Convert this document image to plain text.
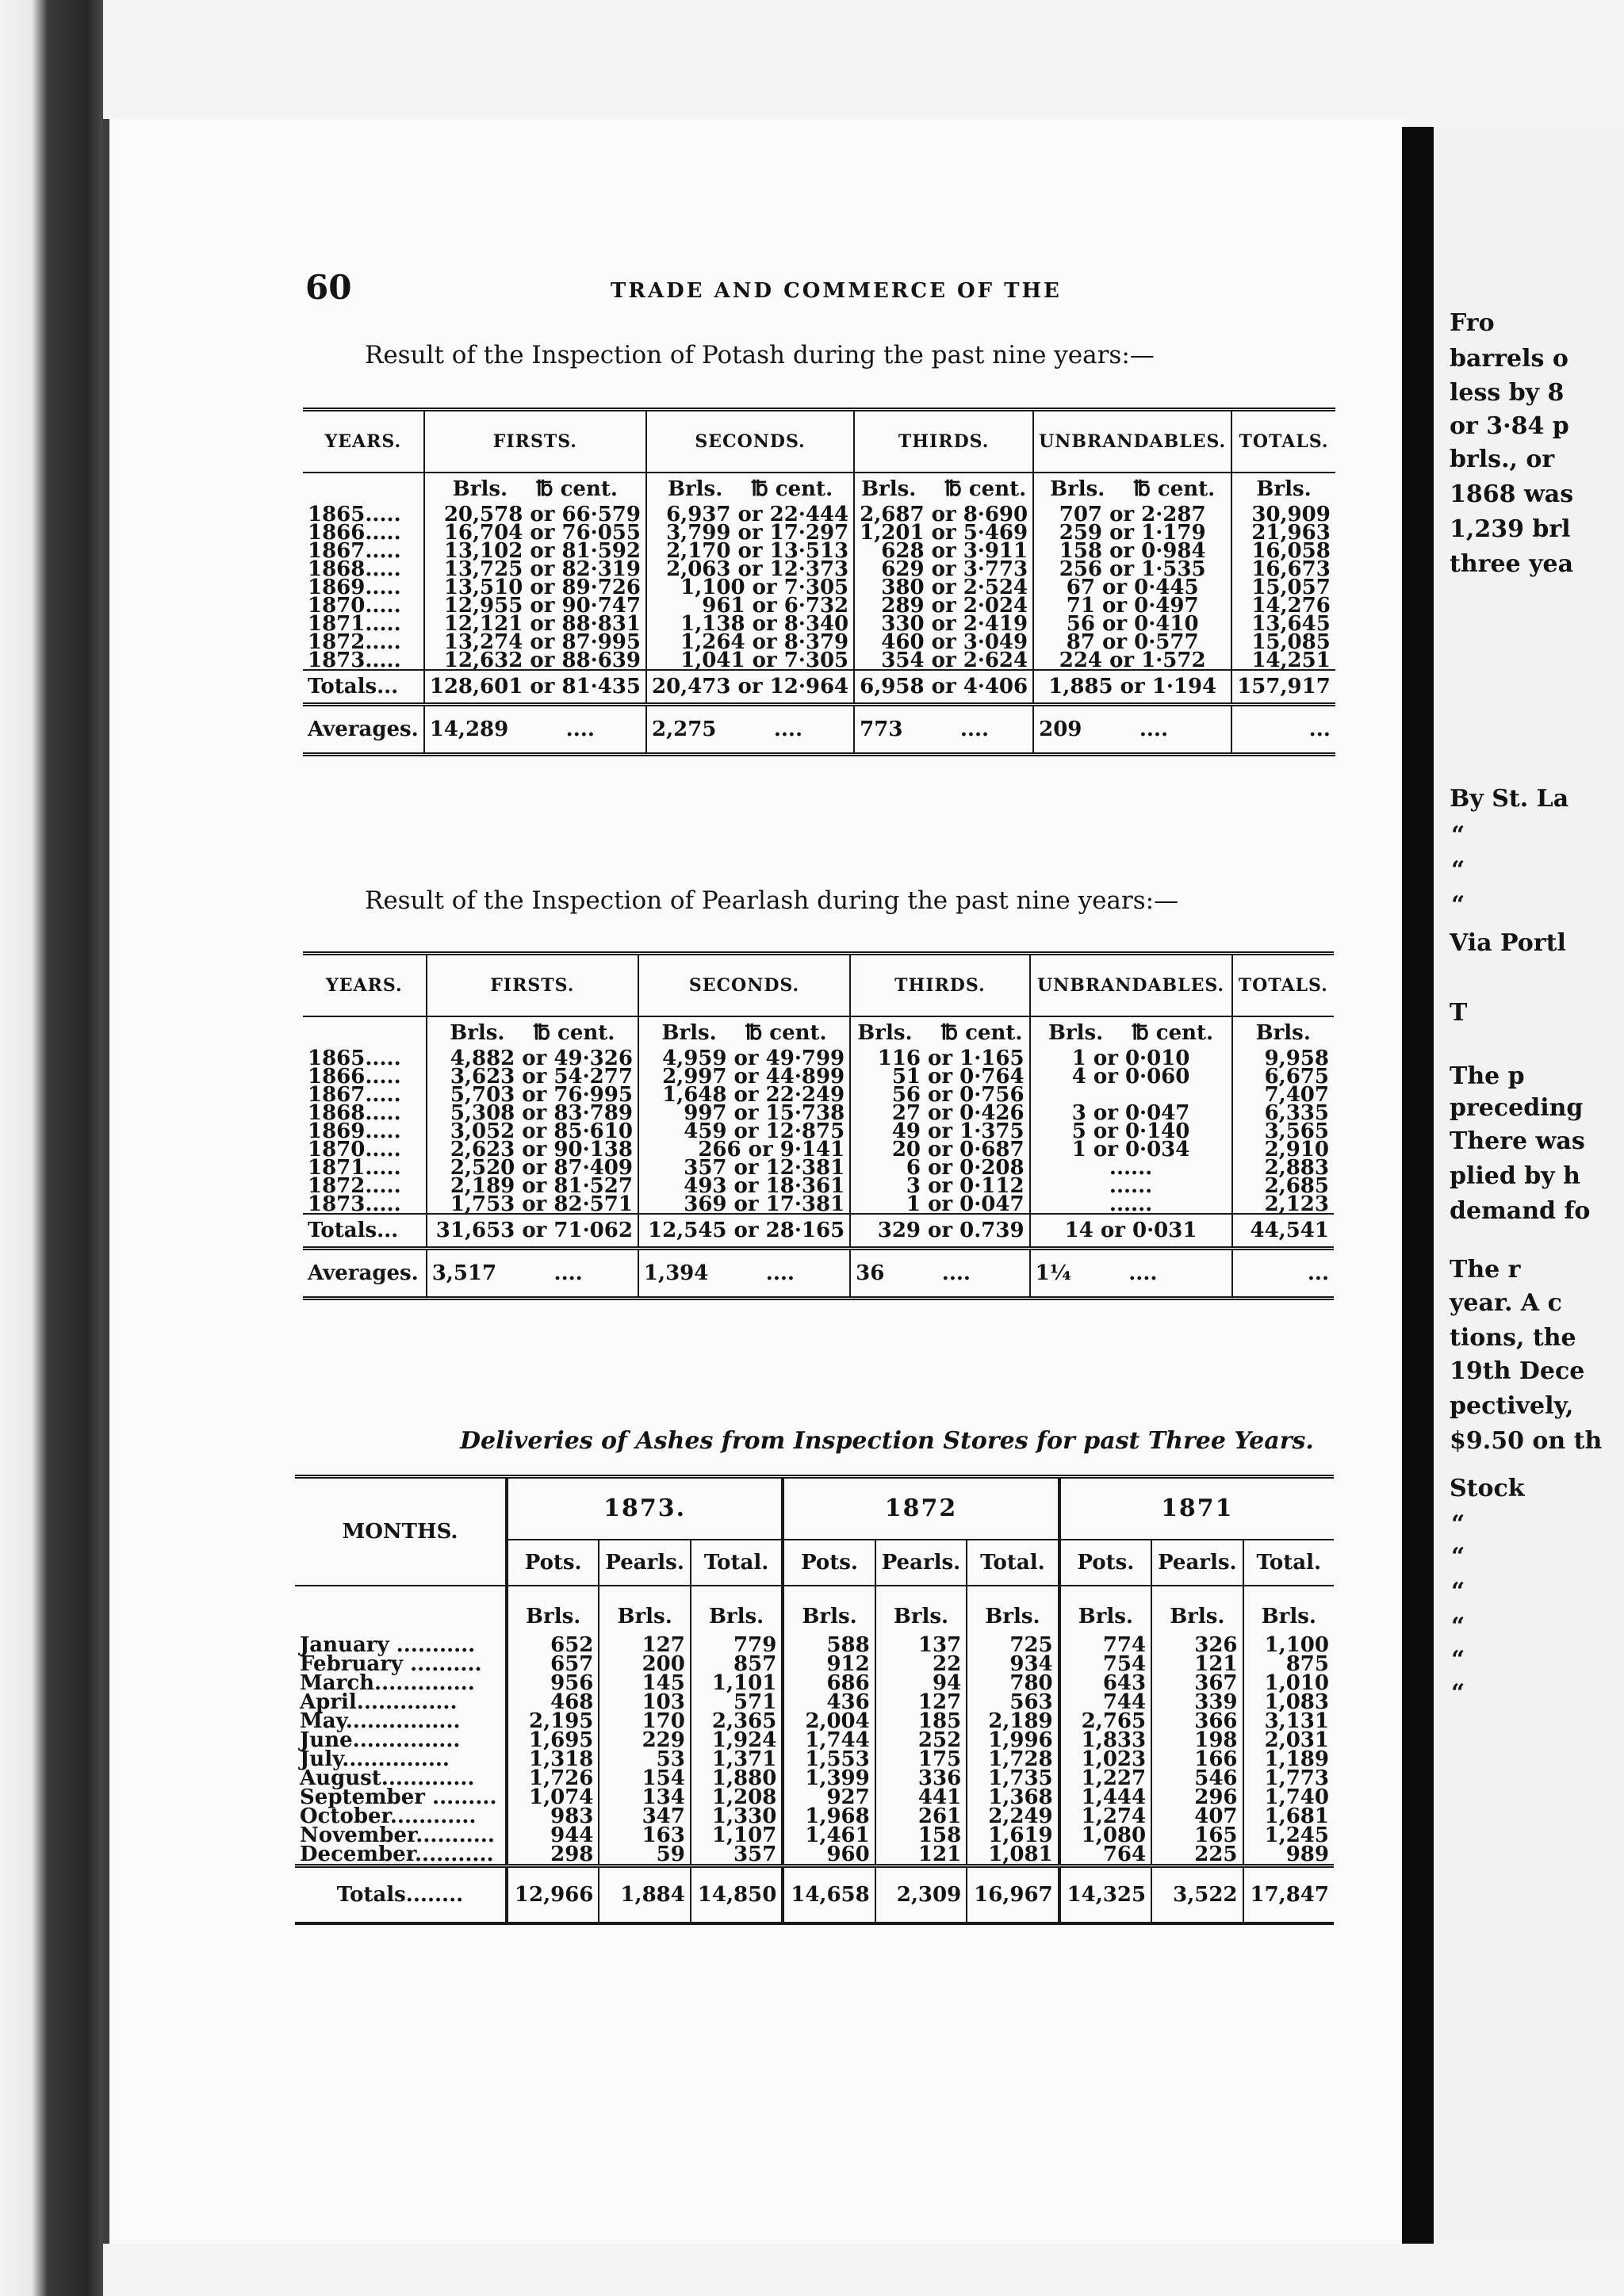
Fro
barrels o
less by 8
or 3·84 p
brls., or
1868 was
1,239 brl
three yea
By St. La
“
“
“
Via Portl
T
The p
preceding
There was
plied by h
demand fo
The r
year. A c
tions, the
19th Dece
pectively,
$9.50 on th
Stock
“
“
“
“
“
“
60	TRADE AND COMMERCE OF THE
Result of the Inspection of Potash during the past nine years:—
YEARS.	FIRSTS.	SECONDS.	THIRDS.	UNBRANDABLES.	TOTALS.
	Brls. ℔ cent.	Brls. ℔ cent.	Brls. ℔ cent.	Brls. ℔ cent.	Brls.
1865.....	20,578 or 66·579	6,937 or 22·444	2,687 or 8·690	707 or 2·287	30,909
1866.....	16,704 or 76·055	3,799 or 17·297	1,201 or 5·469	259 or 1·179	21,963
1867.....	13,102 or 81·592	2,170 or 13·513	628 or 3·911	158 or 0·984	16,058
1868.....	13,725 or 82·319	2,063 or 12·373	629 or 3·773	256 or 1·535	16,673
1869.....	13,510 or 89·726	1,100 or 7·305	380 or 2·524	67 or 0·445	15,057
1870.....	12,955 or 90·747	961 or 6·732	289 or 2·024	71 or 0·497	14,276
1871.....	12,121 or 88·831	1,138 or 8·340	330 or 2·419	56 or 0·410	13,645
1872.....	13,274 or 87·995	1,264 or 8·379	460 or 3·049	87 or 0·577	15,085
1873.....	12,632 or 88·639	1,041 or 7·305	354 or 2·624	224 or 1·572	14,251
Totals...	128,601 or 81·435	20,473 or 12·964	6,958 or 4·406	1,885 or 1·194	157,917
Averages.	14,289 ....	2,275 ....	773 ....	209 ....	...
Result of the Inspection of Pearlash during the past nine years:—
YEARS.	FIRSTS.	SECONDS.	THIRDS.	UNBRANDABLES.	TOTALS.
	Brls. ℔ cent.	Brls. ℔ cent.	Brls. ℔ cent.	Brls. ℔ cent.	Brls.
1865.....	4,882 or 49·326	4,959 or 49·799	116 or 1·165	1 or 0·010	9,958
1866.....	3,623 or 54·277	2,997 or 44·899	51 or 0·764	4 or 0·060	6,675
1867.....	5,703 or 76·995	1,648 or 22·249	56 or 0·756		7,407
1868.....	5,308 or 83·789	997 or 15·738	27 or 0·426	3 or 0·047	6,335
1869.....	3,052 or 85·610	459 or 12·875	49 or 1·375	5 or 0·140	3,565
1870.....	2,623 or 90·138	266 or 9·141	20 or 0·687	1 or 0·034	2,910
1871.....	2,520 or 87·409	357 or 12·381	6 or 0·208	......	2,883
1872.....	2,189 or 81·527	493 or 18·361	3 or 0·112	......	2,685
1873.....	1,753 or 82·571	369 or 17·381	1 or 0·047	......	2,123
Totals...	31,653 or 71·062	12,545 or 28·165	329 or 0.739	14 or 0·031	44,541
Averages.	3,517 ....	1,394 ....	36 ....	1¼ ....	...
Deliveries of Ashes from Inspection Stores for past Three Years.
MONTHS.	1873.			1872			1871		
	Pots.	Pearls.	Total.	Pots.	Pearls.	Total.	Pots.	Pearls.	Total.
	Brls.	Brls.	Brls.	Brls.	Brls.	Brls.	Brls.	Brls.	Brls.
January ...........	652	127	779	588	137	725	774	326	1,100
February ..........	657	200	857	912	22	934	754	121	875
March..............	956	145	1,101	686	94	780	643	367	1,010
April..............	468	103	571	436	127	563	744	339	1,083
May................	2,195	170	2,365	2,004	185	2,189	2,765	366	3,131
June...............	1,695	229	1,924	1,744	252	1,996	1,833	198	2,031
July...............	1,318	53	1,371	1,553	175	1,728	1,023	166	1,189
August.............	1,726	154	1,880	1,399	336	1,735	1,227	546	1,773
September .........	1,074	134	1,208	927	441	1,368	1,444	296	1,740
October............	983	347	1,330	1,968	261	2,249	1,274	407	1,681
November...........	944	163	1,107	1,461	158	1,619	1,080	165	1,245
December...........	298	59	357	960	121	1,081	764	225	989
Totals........	12,966	1,884	14,850	14,658	2,309	16,967	14,325	3,522	17,847
